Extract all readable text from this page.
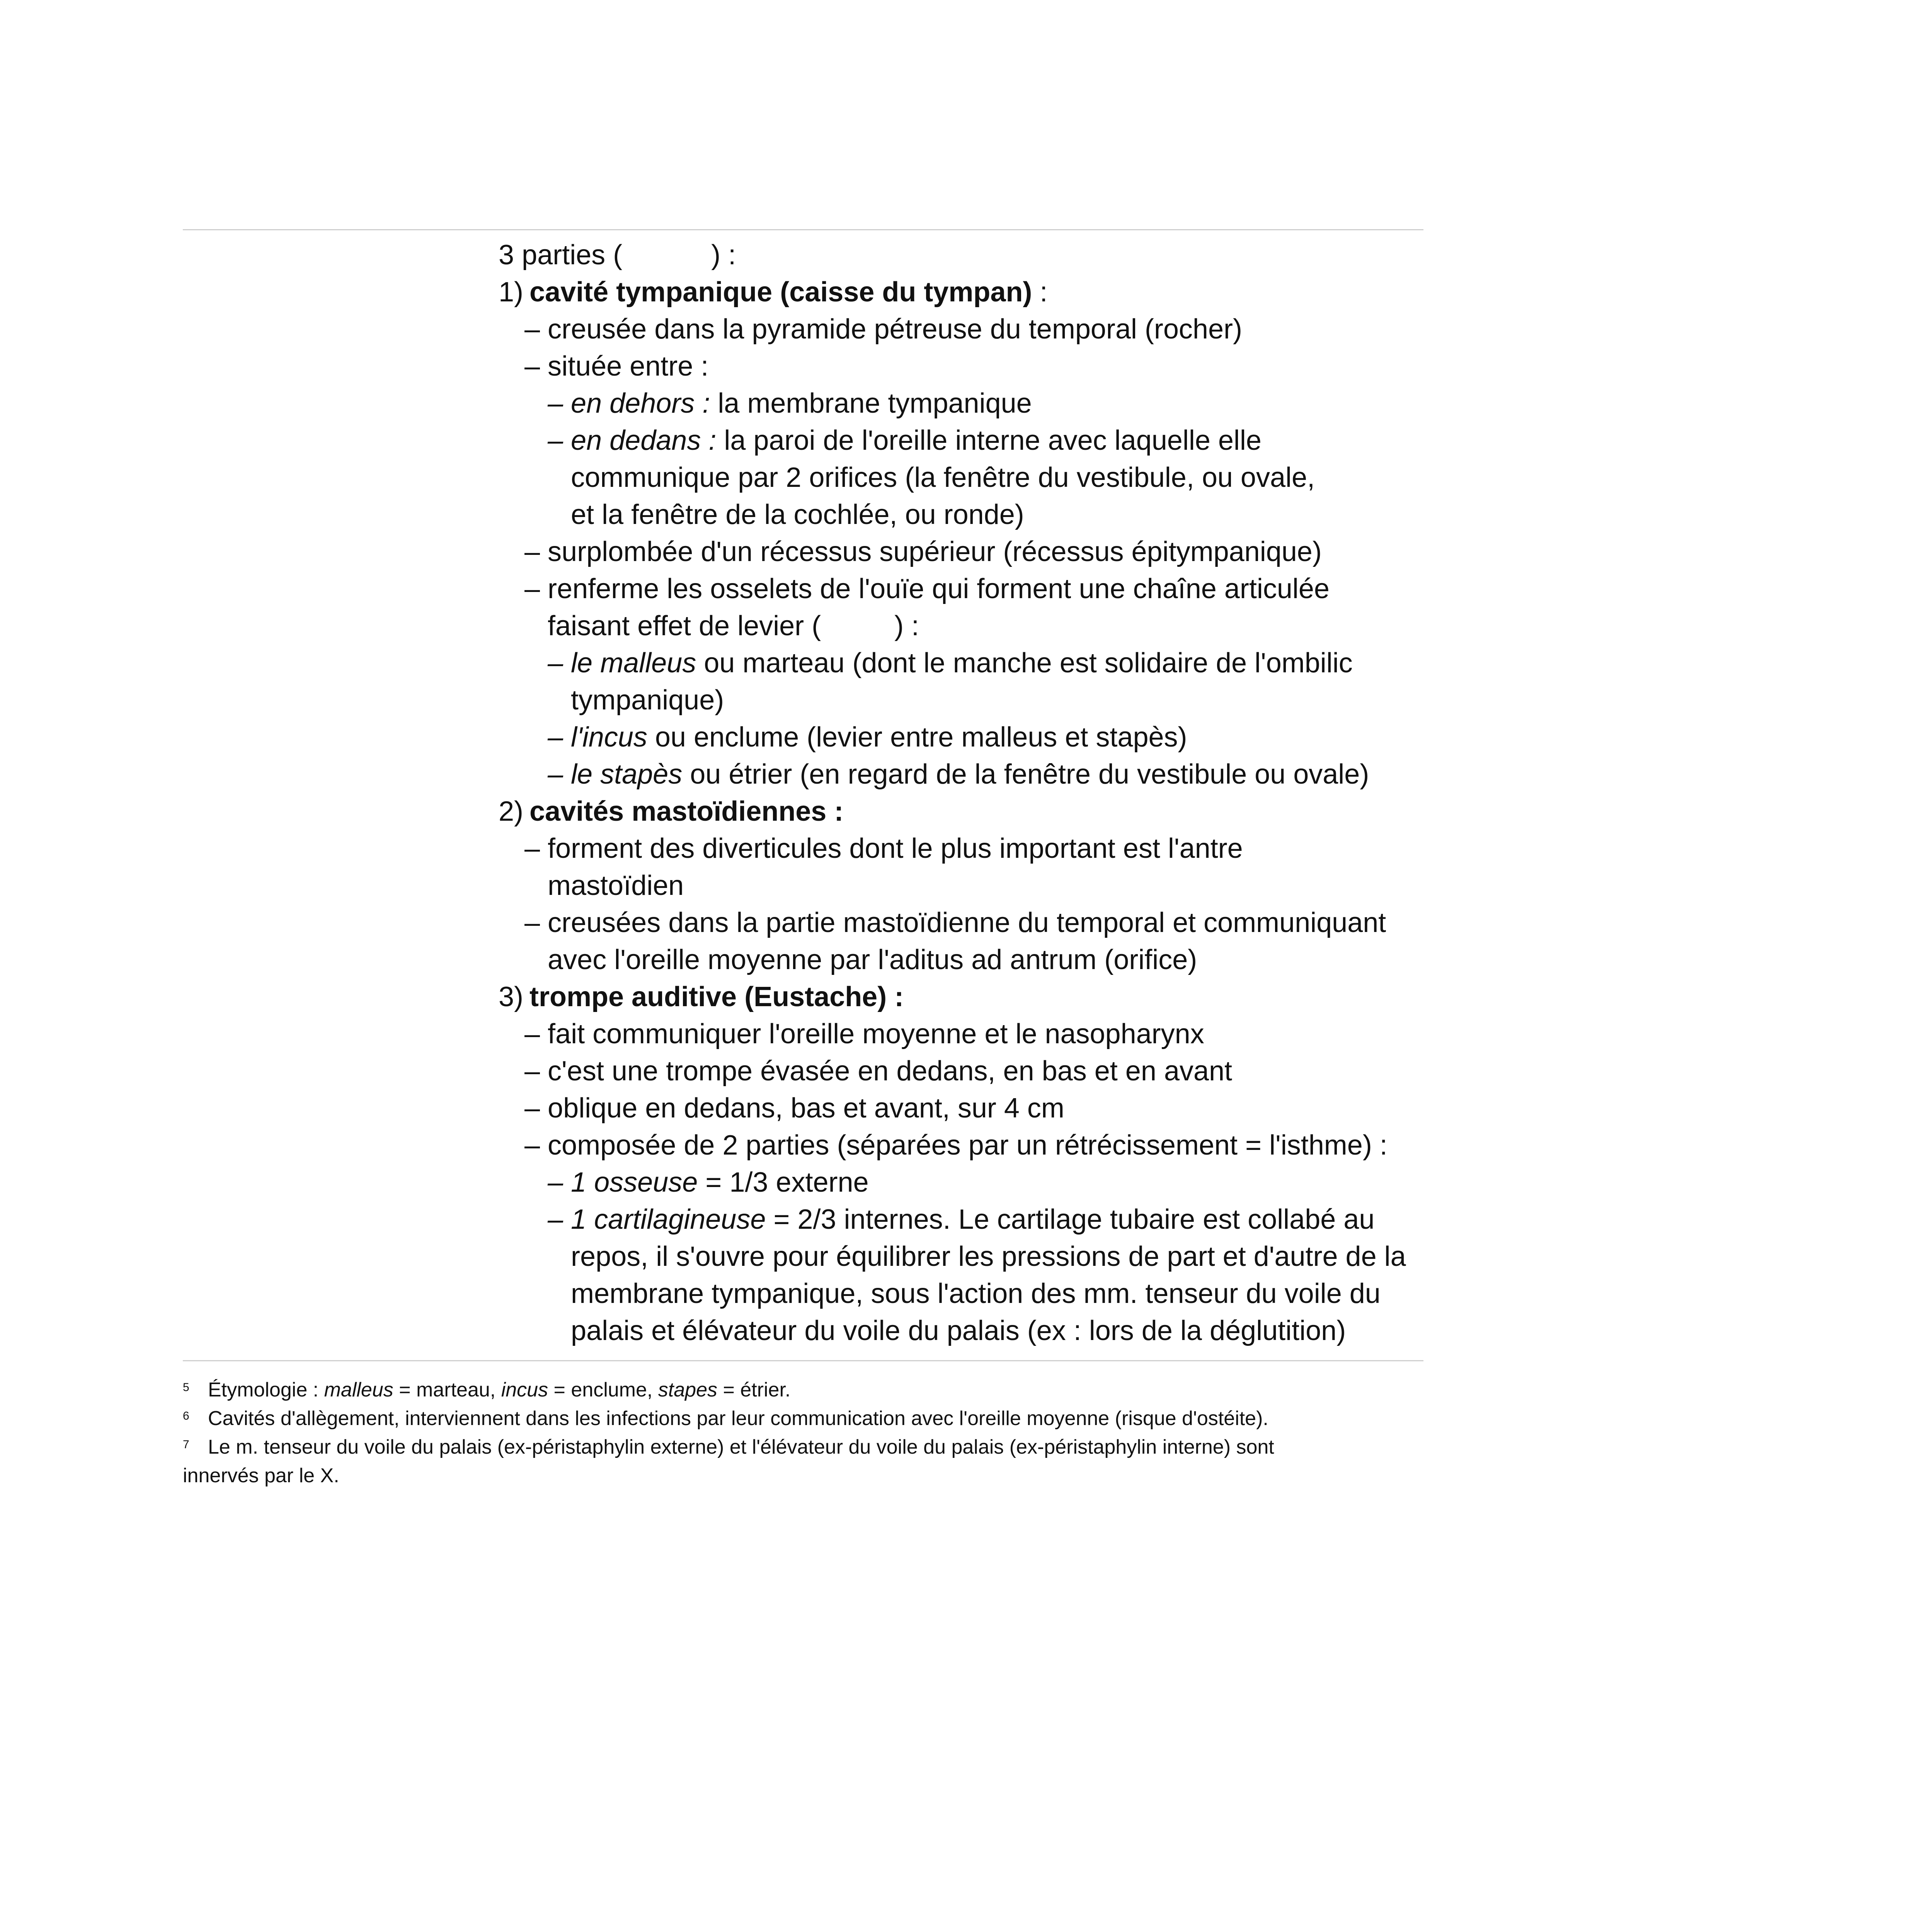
3 parties (	) :
1) cavité tympanique (caisse du tympan) :
– creusée dans la pyramide pétreuse du temporal (rocher)
– située entre :
– en dehors : la membrane tympanique
– en dedans : la paroi de l'oreille interne avec laquelle elle
communique par 2 orifices (la fenêtre du vestibule, ou ovale,
et la fenêtre de la cochlée, ou ronde)
– surplombée d'un récessus supérieur (récessus épitympanique)
– renferme les osselets de l'ouïe qui forment une chaîne articulée
faisant effet de levier (	) :
– le malleus ou marteau (dont le manche est solidaire de l'ombilic
tympanique)
– l'incus ou enclume (levier entre malleus et stapès)
– le stapès ou étrier (en regard de la fenêtre du vestibule ou ovale)
2) cavités mastoïdiennes :
– forment des diverticules dont le plus important est l'antre
mastoïdien
– creusées dans la partie mastoïdienne du temporal et communiquant
avec l'oreille moyenne par l'aditus ad antrum (orifice)
3) trompe auditive (Eustache) :
– fait communiquer l'oreille moyenne et le nasopharynx
– c'est une trompe évasée en dedans, en bas et en avant
– oblique en dedans, bas et avant, sur 4 cm
– composée de 2 parties (séparées par un rétrécissement = l'isthme) :
– 1 osseuse = 1/3 externe
– 1 cartilagineuse = 2/3 internes. Le cartilage tubaire est collabé au
repos, il s'ouvre pour équilibrer les pressions de part et d'autre de la
membrane tympanique, sous l'action des mm. tenseur du voile du
palais et élévateur du voile du palais (ex : lors de la déglutition)
$^5$ Étymologie : malleus = marteau, incus = enclume, stapes = étrier.
$^6$ Cavités d'allègement, interviennent dans les infections par leur communication avec l'oreille moyenne (risque d'ostéite).
$^7$ Le m. tenseur du voile du palais (ex-péristaphylin externe) et l'élévateur du voile du palais (ex-péristaphylin interne) sont
innervés par le X.
